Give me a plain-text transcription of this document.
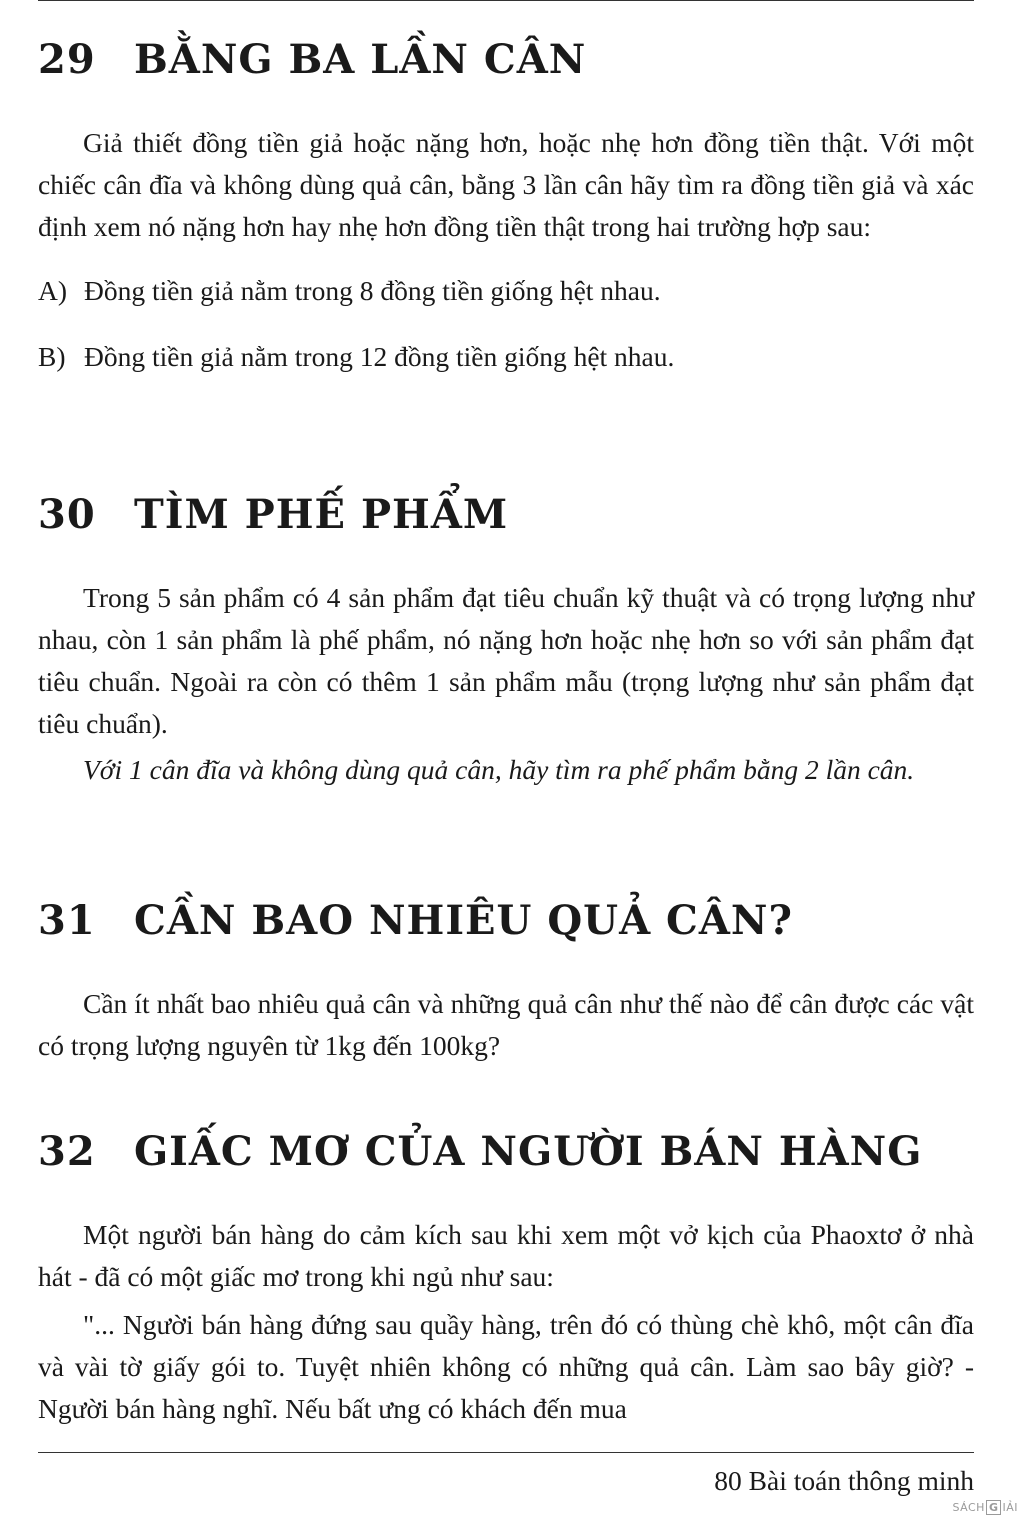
29 BẰNG BA LẦN CÂN

Giả thiết đồng tiền giả hoặc nặng hơn, hoặc nhẹ hơn đồng tiền thật. Với một chiếc cân đĩa và không dùng quả cân, bằng 3 lần cân hãy tìm ra đồng tiền giả và xác định xem nó nặng hơn hay nhẹ hơn đồng tiền thật trong hai trường hợp sau:

A) Đồng tiền giả nằm trong 8 đồng tiền giống hệt nhau.

B) Đồng tiền giả nằm trong 12 đồng tiền giống hệt nhau.

30 TÌM PHẾ PHẨM

Trong 5 sản phẩm có 4 sản phẩm đạt tiêu chuẩn kỹ thuật và có trọng lượng như nhau, còn 1 sản phẩm là phế phẩm, nó nặng hơn hoặc nhẹ hơn so với sản phẩm đạt tiêu chuẩn. Ngoài ra còn có thêm 1 sản phẩm mẫu (trọng lượng như sản phẩm đạt tiêu chuẩn).

Với 1 cân đĩa và không dùng quả cân, hãy tìm ra phế phẩm bằng 2 lần cân.

31 CẦN BAO NHIÊU QUẢ CÂN?

Cần ít nhất bao nhiêu quả cân và những quả cân như thế nào để cân được các vật có trọng lượng nguyên từ 1kg đến 100kg?

32 GIẤC MƠ CỦA NGƯỜI BÁN HÀNG

Một người bán hàng do cảm kích sau khi xem một vở kịch của Phaoxtơ ở nhà hát - đã có một giấc mơ trong khi ngủ như sau:

"... Người bán hàng đứng sau quầy hàng, trên đó có thùng chè khô, một cân đĩa và vài tờ giấy gói to. Tuyệt nhiên không có những quả cân. Làm sao bây giờ? - Người bán hàng nghĩ. Nếu bất ưng có khách đến mua

80 Bài toán thông minh
SÁCH G IẢI
